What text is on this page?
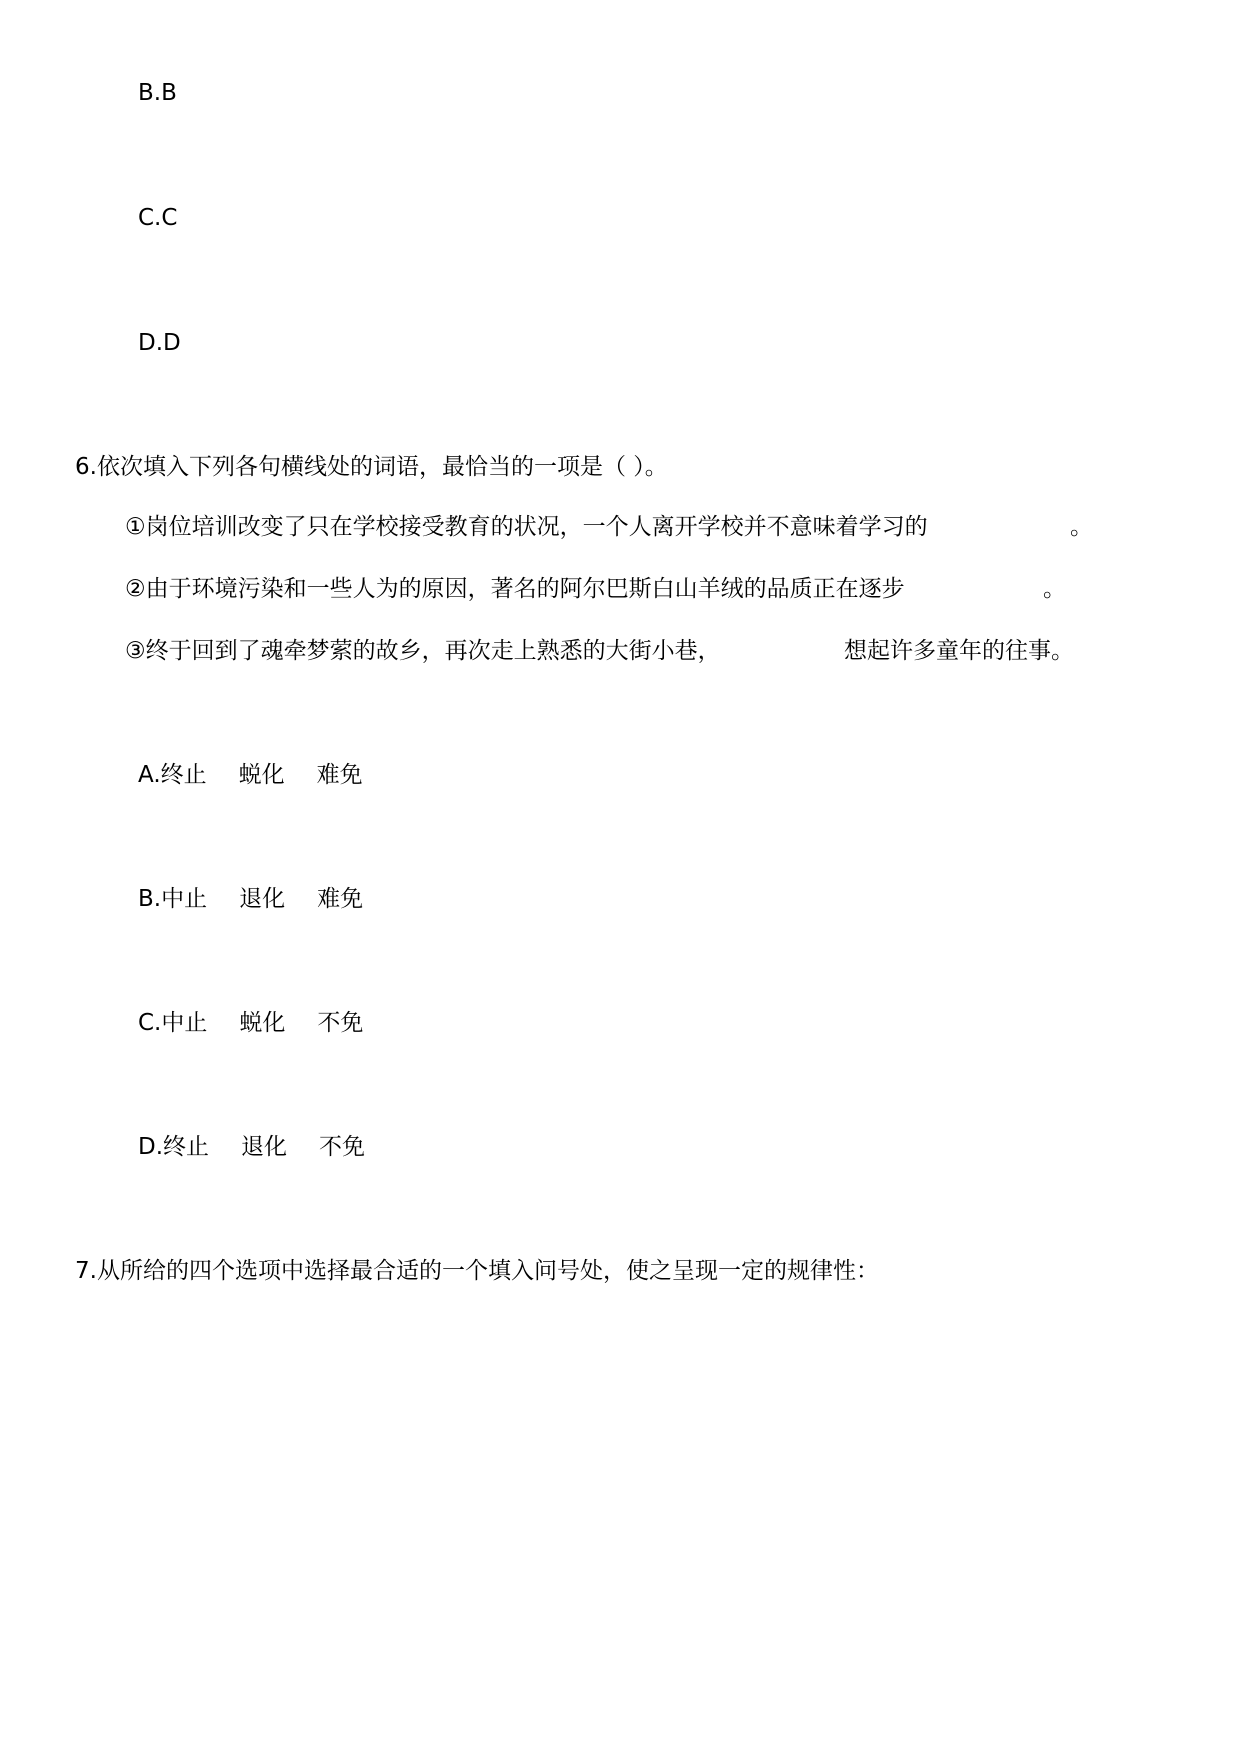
B.B
C.C
D.D
6.依次填入下列各句横线处的词语，最恰当的一项是（ ）。
①岗位培训改变了只在学校接受教育的状况，一个人离开学校并不意味着学习的	。
②由于环境污染和一些人为的原因，著名的阿尔巴斯白山羊绒的品质正在逐步	。
③终于回到了魂牵梦萦的故乡，再次走上熟悉的大街小巷，	想起许多童年的往事。
A.终止 蜕化 难免
B.中止 退化 难免
C.中止 蜕化 不免
D.终止 退化 不免
7.从所给的四个选项中选择最合适的一个填入问号处，使之呈现一定的规律性：
